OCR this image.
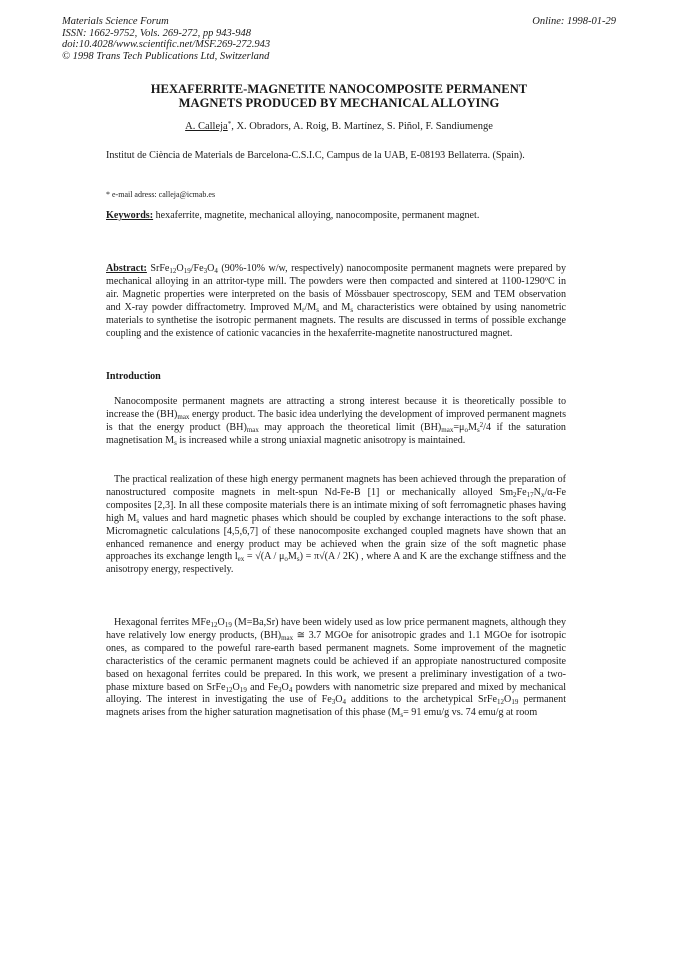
Materials Science Forum
ISSN: 1662-9752, Vols. 269-272, pp 943-948
doi:10.4028/www.scientific.net/MSF.269-272.943
© 1998 Trans Tech Publications Ltd, Switzerland
Online: 1998-01-29
HEXAFERRITE-MAGNETITE NANOCOMPOSITE PERMANENT
MAGNETS PRODUCED BY MECHANICAL ALLOYING
A. Calleja*, X. Obradors, A. Roig, B. Martínez, S. Piñol, F. Sandiumenge
Institut de Ciència de Materials de Barcelona-C.S.I.C, Campus de la UAB, E-08193 Bellaterra. (Spain).
* e-mail adress: calleja@icmab.es
Keywords: hexaferrite, magnetite, mechanical alloying, nanocomposite, permanent magnet.
Abstract: $SrFe_{12}O_{19}/Fe_3O_4$ (90%-10% w/w, respectively) nanocomposite permanent magnets were prepared by mechanical alloying in an attritor-type mill. The powders were then compacted and sintered at 1100-1290ºC in air. Magnetic properties were interpreted on the basis of Mössbauer spectroscopy, SEM and TEM observation and X-ray powder diffractometry. Improved $M_r/M_s$ and $M_s$ characteristics were obtained by using nanometric materials to synthetise the isotropic permanent magnets. The results are discussed in terms of possible exchange coupling and the existence of cationic vacancies in the hexaferrite-magnetite nanostructured magnet.
Introduction

Nanocomposite permanent magnets are attracting a strong interest because it is theoretically possible to increase the $(BH)_{max}$ energy product. The basic idea underlying the development of improved permanent magnets is that the energy product $(BH)_{max}$ may approach the theoretical limit $(BH)_{max}=\mu_oM_s^2/4$ if the saturation magnetisation $M_s$ is increased while a strong uniaxial magnetic anisotropy is maintained.

The practical realization of these high energy permanent magnets has been achieved through the preparation of nanostructured composite magnets in melt-spun Nd-Fe-B [1] or mechanically alloyed $Sm_2Fe_{17}N_x/\alpha-Fe$ composites [2,3]. In all these composite materials there is an intimate mixing of soft ferromagnetic phases having high $M_s$ values and hard magnetic phases which should be coupled by exchange interactions to the soft phase. Micromagnetic calculations [4,5,6,7] of these nanocomposite exchanged coupled magnets have shown that an enhanced remanence and energy product may be achieved when the grain size of the soft magnetic phase approaches its exchange length $l_{ex} = √(A / \mu_oM_s) = \pi√(A / 2K)$ , where A and K are the exchange stiffness and the anisotropy energy, respectively.

Hexagonal ferrites $MFe_{12}O_{19}$ (M=Ba,Sr) have been widely used as low price permanent magnets, although they have relatively low energy products, $(BH)_{max}$ ≅ 3.7 MGOe for anisotropic grades and 1.1 MGOe for isotropic ones, as compared to the poweful rare-earth based permanent magnets. Some improvement of the magnetic characteristics of the ceramic permanent magnets could be achieved if an appropiate nanostructured composite based on hexagonal ferrites could be prepared. In this work, we present a preliminary investigation of a two-phase mixture based on $SrFe_{12}O_{19}$ and $Fe_3O_4$ powders with nanometric size prepared and mixed by mechanical alloying. The interest in investigating the use of $Fe_3O_4$ additions to the archetypical $SrFe_{12}O_{19}$ permanent magnets arises from the higher saturation magnetisation of this phase ($M_s= 91$ emu/g vs. 74 emu/g at room
